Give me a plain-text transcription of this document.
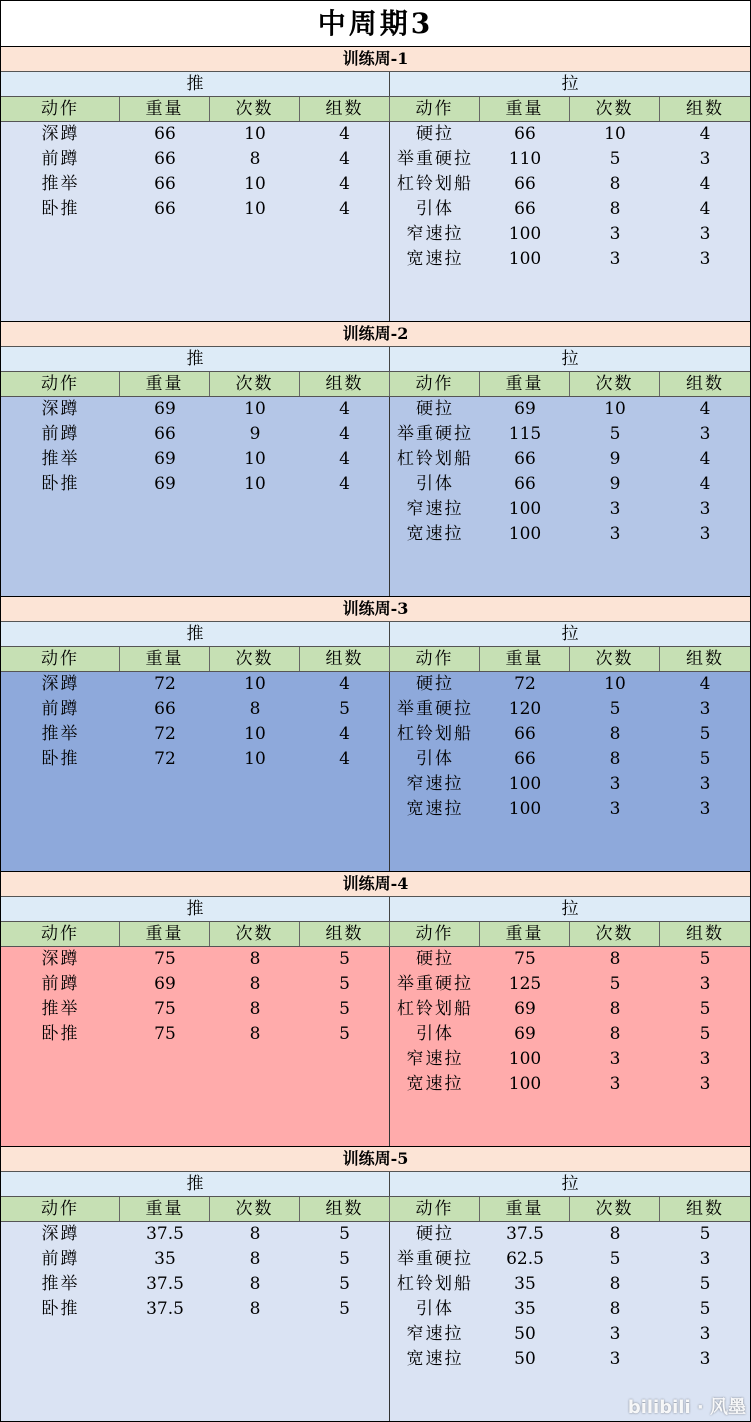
中周期3
训练周-1
推	拉
动作	重量	次数	组数	动作	重量	次数	组数
深蹲	66	10	4
前蹲	66	8	4
推举	66	10	4
卧推	66	10	4
硬拉	66	10	4
举重硬拉	110	5	3
杠铃划船	66	8	4
引体	66	8	4
窄速拉	100	3	3
宽速拉	100	3	3
训练周-2
推	拉
动作	重量	次数	组数	动作	重量	次数	组数
深蹲	69	10	4
前蹲	66	9	4
推举	69	10	4
卧推	69	10	4
硬拉	69	10	4
举重硬拉	115	5	3
杠铃划船	66	9	4
引体	66	9	4
窄速拉	100	3	3
宽速拉	100	3	3
训练周-3
推	拉
动作	重量	次数	组数	动作	重量	次数	组数
深蹲	72	10	4
前蹲	66	8	5
推举	72	10	4
卧推	72	10	4
硬拉	72	10	4
举重硬拉	120	5	3
杠铃划船	66	8	5
引体	66	8	5
窄速拉	100	3	3
宽速拉	100	3	3
训练周-4
推	拉
动作	重量	次数	组数	动作	重量	次数	组数
深蹲	75	8	5
前蹲	69	8	5
推举	75	8	5
卧推	75	8	5
硬拉	75	8	5
举重硬拉	125	5	3
杠铃划船	69	8	5
引体	69	8	5
窄速拉	100	3	3
宽速拉	100	3	3
训练周-5
推	拉
动作	重量	次数	组数	动作	重量	次数	组数
深蹲	37.5	8	5
前蹲	35	8	5
推举	37.5	8	5
卧推	37.5	8	5
硬拉	37.5	8	5
举重硬拉	62.5	5	3
杠铃划船	35	8	5
引体	35	8	5
窄速拉	50	3	3
宽速拉	50	3	3
bilibili · 风墨
